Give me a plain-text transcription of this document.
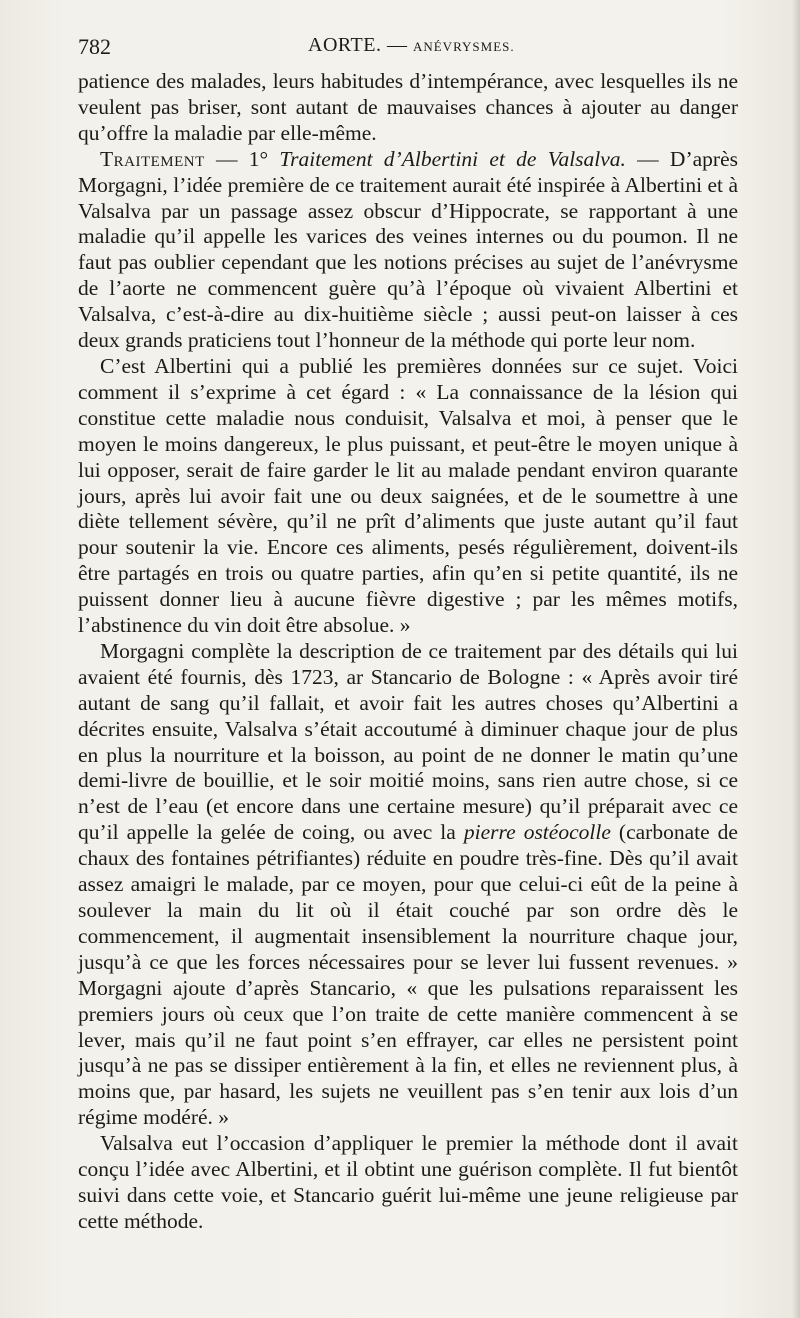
782	AORTE. — ANÉVRYSMES.

patience des malades, leurs habitudes d’intempérance, avec lesquelles ils ne veulent pas briser, sont autant de mauvaises chances à ajouter au danger qu’offre la maladie par elle-même.

Traitement — 1° Traitement d’Albertini et de Valsalva. — D’après Morgagni, l’idée première de ce traitement aurait été inspirée à Albertini et à Valsalva par un passage assez obscur d’Hippocrate, se rapportant à une maladie qu’il appelle les varices des veines internes ou du poumon. Il ne faut pas oublier cependant que les notions précises au sujet de l’anévrysme de l’aorte ne commencent guère qu’à l’époque où vivaient Albertini et Valsalva, c’est-à-dire au dix-huitième siècle ; aussi peut-on laisser à ces deux grands praticiens tout l’honneur de la méthode qui porte leur nom.

C’est Albertini qui a publié les premières données sur ce sujet. Voici comment il s’exprime à cet égard : « La connaissance de la lésion qui constitue cette maladie nous conduisit, Valsalva et moi, à penser que le moyen le moins dangereux, le plus puissant, et peut-être le moyen unique à lui opposer, serait de faire garder le lit au malade pendant environ quarante jours, après lui avoir fait une ou deux saignées, et de le soumettre à une diète tellement sévère, qu’il ne prît d’aliments que juste autant qu’il faut pour soutenir la vie. Encore ces aliments, pesés régulièrement, doivent-ils être partagés en trois ou quatre parties, afin qu’en si petite quantité, ils ne puissent donner lieu à aucune fièvre digestive ; par les mêmes motifs, l’abstinence du vin doit être absolue. »

Morgagni complète la description de ce traitement par des détails qui lui avaient été fournis, dès 1723, ar Stancario de Bologne : « Après avoir tiré autant de sang qu’il fallait, et avoir fait les autres choses qu’Albertini a décrites ensuite, Valsalva s’était accoutumé à diminuer chaque jour de plus en plus la nourriture et la boisson, au point de ne donner le matin qu’une demi-livre de bouillie, et le soir moitié moins, sans rien autre chose, si ce n’est de l’eau (et encore dans une certaine mesure) qu’il préparait avec ce qu’il appelle la gelée de coing, ou avec la pierre ostéocolle (carbonate de chaux des fontaines pétrifiantes) réduite en poudre très-fine. Dès qu’il avait assez amaigri le malade, par ce moyen, pour que celui-ci eût de la peine à soulever la main du lit où il était couché par son ordre dès le commencement, il augmentait insensiblement la nourriture chaque jour, jusqu’à ce que les forces nécessaires pour se lever lui fussent revenues. » Morgagni ajoute d’après Stancario, « que les pulsations reparaissent les premiers jours où ceux que l’on traite de cette manière commencent à se lever, mais qu’il ne faut point s’en effrayer, car elles ne persistent point jusqu’à ne pas se dissiper entièrement à la fin, et elles ne reviennent plus, à moins que, par hasard, les sujets ne veuillent pas s’en tenir aux lois d’un régime modéré. »

Valsalva eut l’occasion d’appliquer le premier la méthode dont il avait conçu l’idée avec Albertini, et il obtint une guérison complète. Il fut bientôt suivi dans cette voie, et Stancario guérit lui-même une jeune religieuse par cette méthode.
